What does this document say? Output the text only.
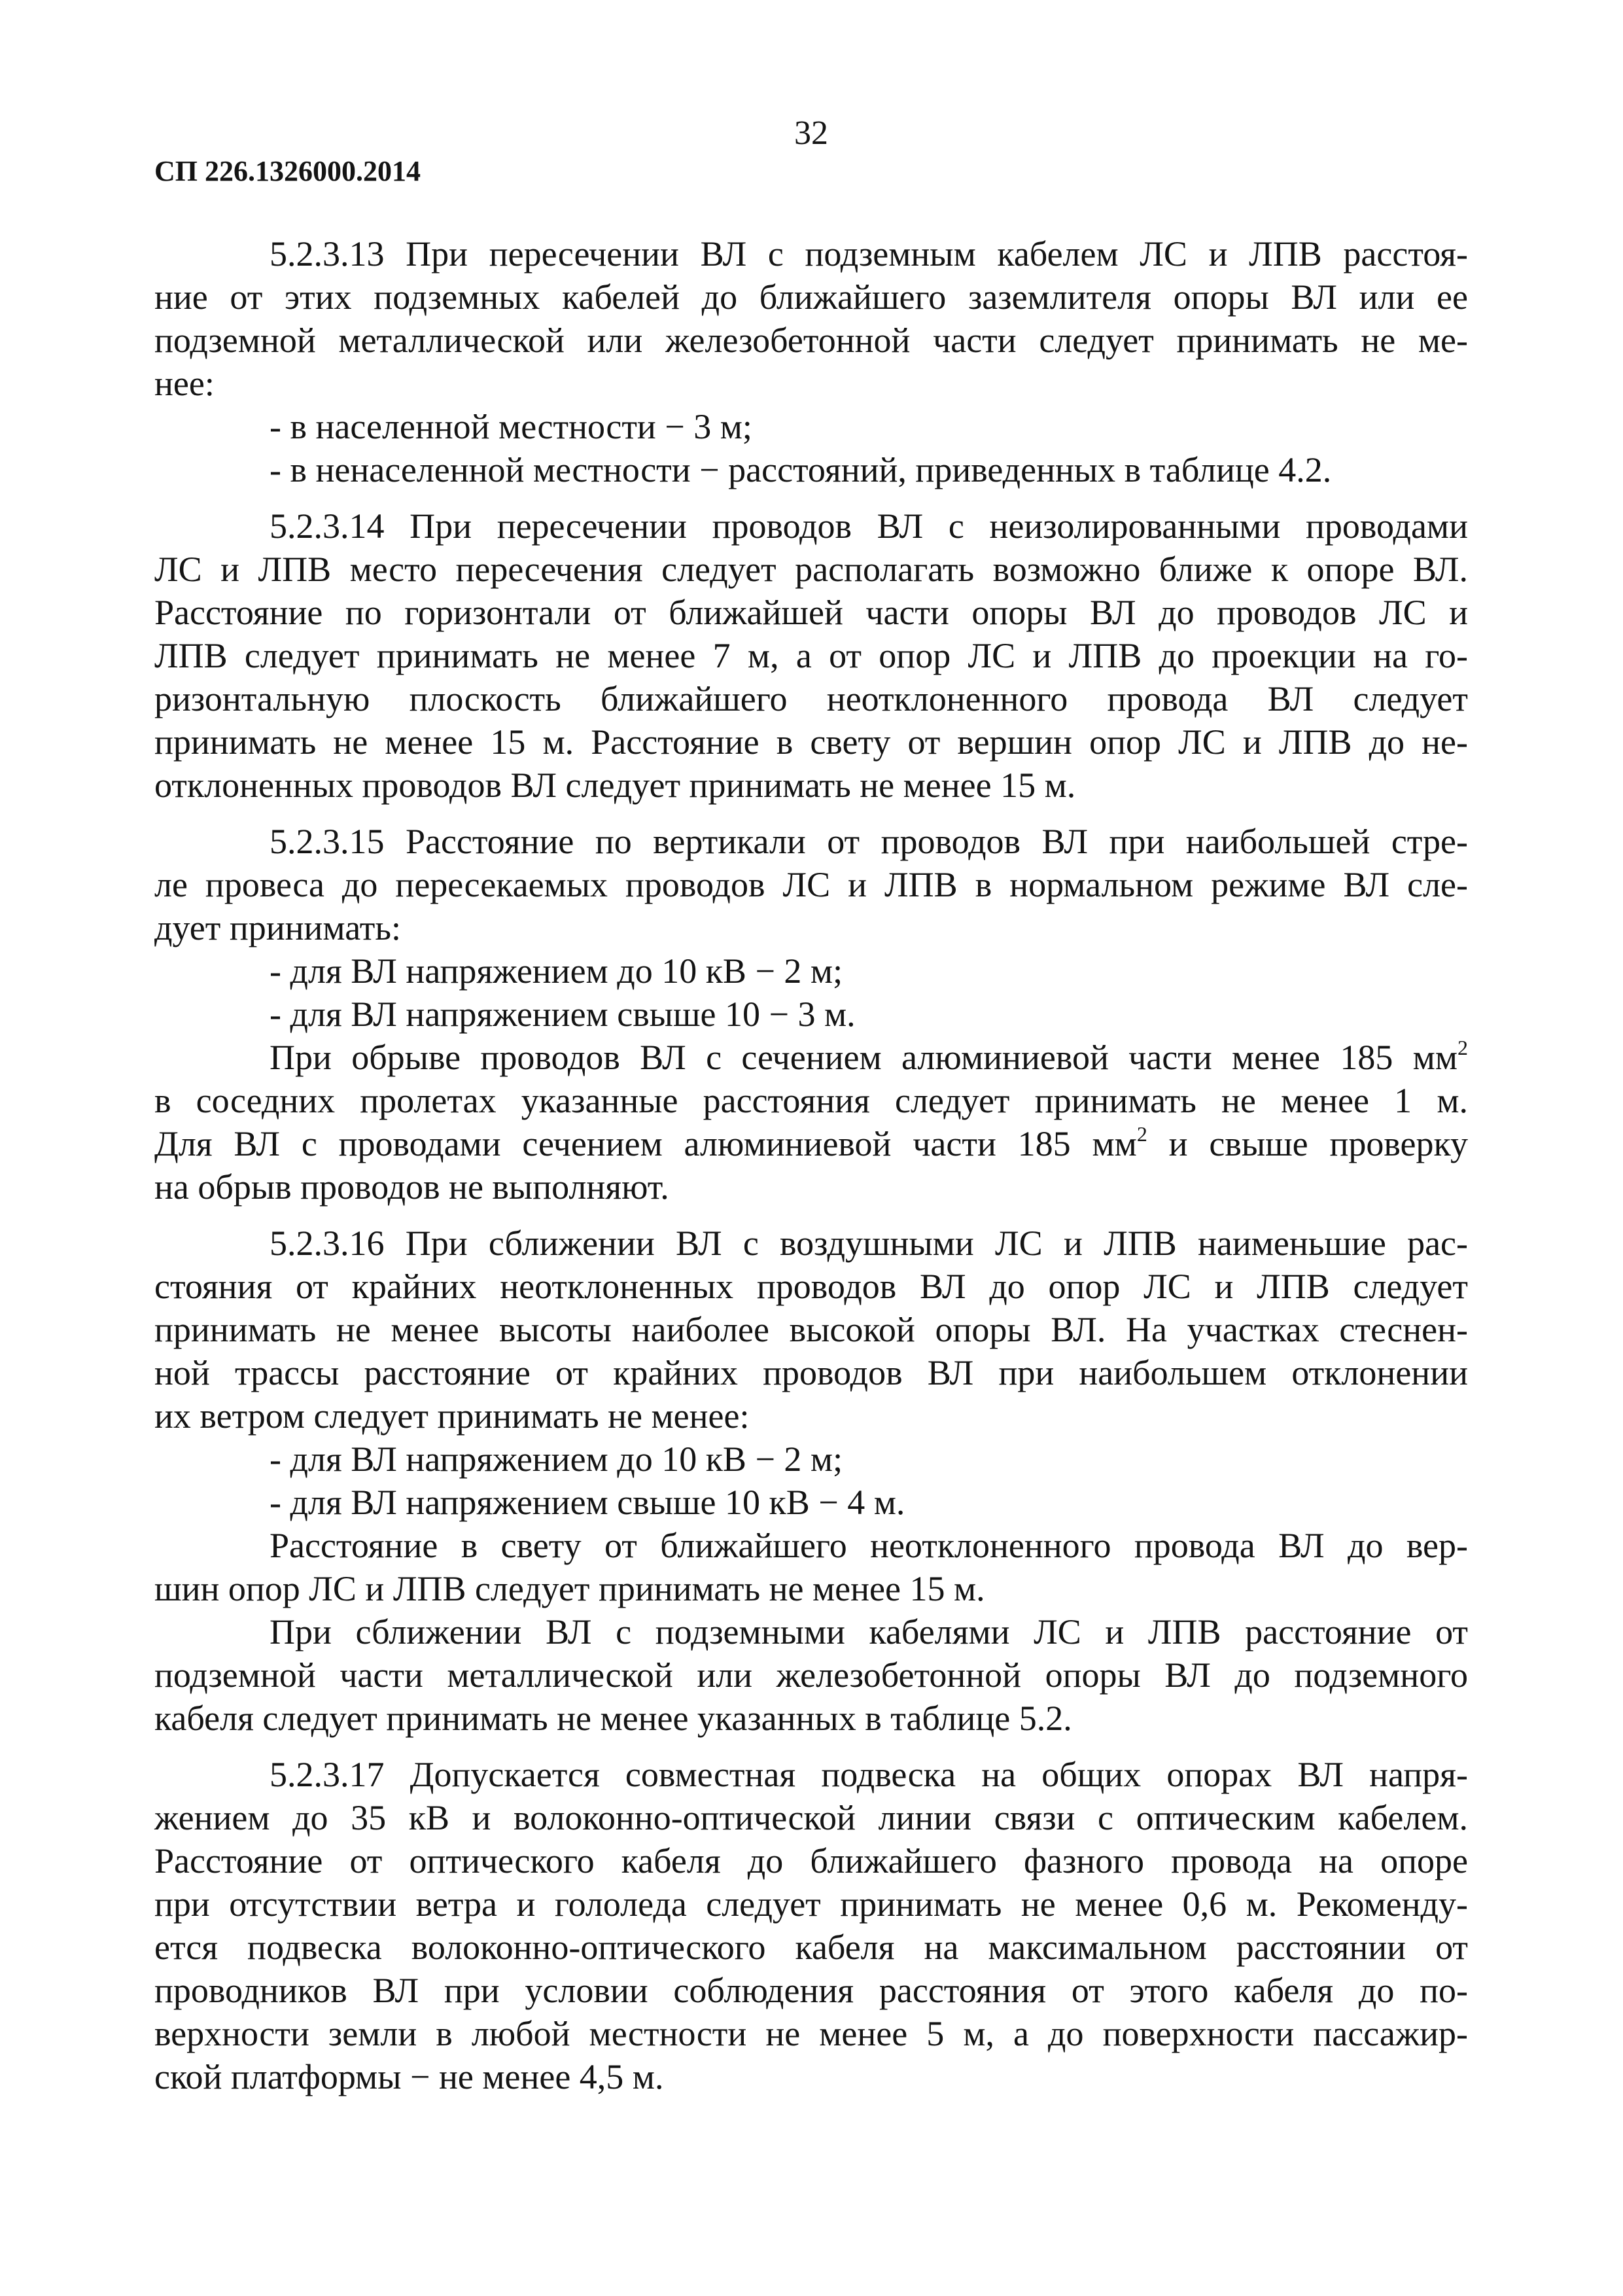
32
СП 226.1326000.2014
5.2.3.13 При пересечении ВЛ с подземным кабелем ЛС и ЛПВ расстоя-
ние от этих подземных кабелей до ближайшего заземлителя опоры ВЛ или ее
подземной металлической или железобетонной части следует принимать не ме-
нее:
- в населенной местности − 3 м;
- в ненаселенной местности − расстояний, приведенных в таблице 4.2.
5.2.3.14 При пересечении проводов ВЛ с неизолированными проводами
ЛС и ЛПВ место пересечения следует располагать возможно ближе к опоре ВЛ.
Расстояние по горизонтали от ближайшей части опоры ВЛ до проводов ЛС и
ЛПВ следует принимать не менее 7 м, а от опор ЛС и ЛПВ до проекции на го-
ризонтальную плоскость ближайшего неотклоненного провода ВЛ следует
принимать не менее 15 м. Расстояние в свету от вершин опор ЛС и ЛПВ до не-
отклоненных проводов ВЛ следует принимать не менее 15 м.
5.2.3.15 Расстояние по вертикали от проводов ВЛ при наибольшей стре-
ле провеса до пересекаемых проводов ЛС и ЛПВ в нормальном режиме ВЛ сле-
дует принимать:
- для ВЛ напряжением до 10 кВ − 2 м;
- для ВЛ напряжением свыше 10 − 3 м.
При обрыве проводов ВЛ с сечением алюминиевой части менее 185 $мм^2$
в соседних пролетах указанные расстояния следует принимать не менее 1 м.
Для ВЛ с проводами сечением алюминиевой части 185 $мм^2$ и свыше проверку
на обрыв проводов не выполняют.
5.2.3.16 При сближении ВЛ с воздушными ЛС и ЛПВ наименьшие рас-
стояния от крайних неотклоненных проводов ВЛ до опор ЛС и ЛПВ следует
принимать не менее высоты наиболее высокой опоры ВЛ. На участках стеснен-
ной трассы расстояние от крайних проводов ВЛ при наибольшем отклонении
их ветром следует принимать не менее:
- для ВЛ напряжением до 10 кВ − 2 м;
- для ВЛ напряжением свыше 10 кВ − 4 м.
Расстояние в свету от ближайшего неотклоненного провода ВЛ до вер-
шин опор ЛС и ЛПВ следует принимать не менее 15 м.
При сближении ВЛ с подземными кабелями ЛС и ЛПВ расстояние от
подземной части металлической или железобетонной опоры ВЛ до подземного
кабеля следует принимать не менее указанных в таблице 5.2.
5.2.3.17 Допускается совместная подвеска на общих опорах ВЛ напря-
жением до 35 кВ и волоконно-оптической линии связи с оптическим кабелем.
Расстояние от оптического кабеля до ближайшего фазного провода на опоре
при отсутствии ветра и гололеда следует принимать не менее 0,6 м. Рекоменду-
ется подвеска волоконно-оптического кабеля на максимальном расстоянии от
проводников ВЛ при условии соблюдения расстояния от этого кабеля до по-
верхности земли в любой местности не менее 5 м, а до поверхности пассажир-
ской платформы − не менее 4,5 м.
